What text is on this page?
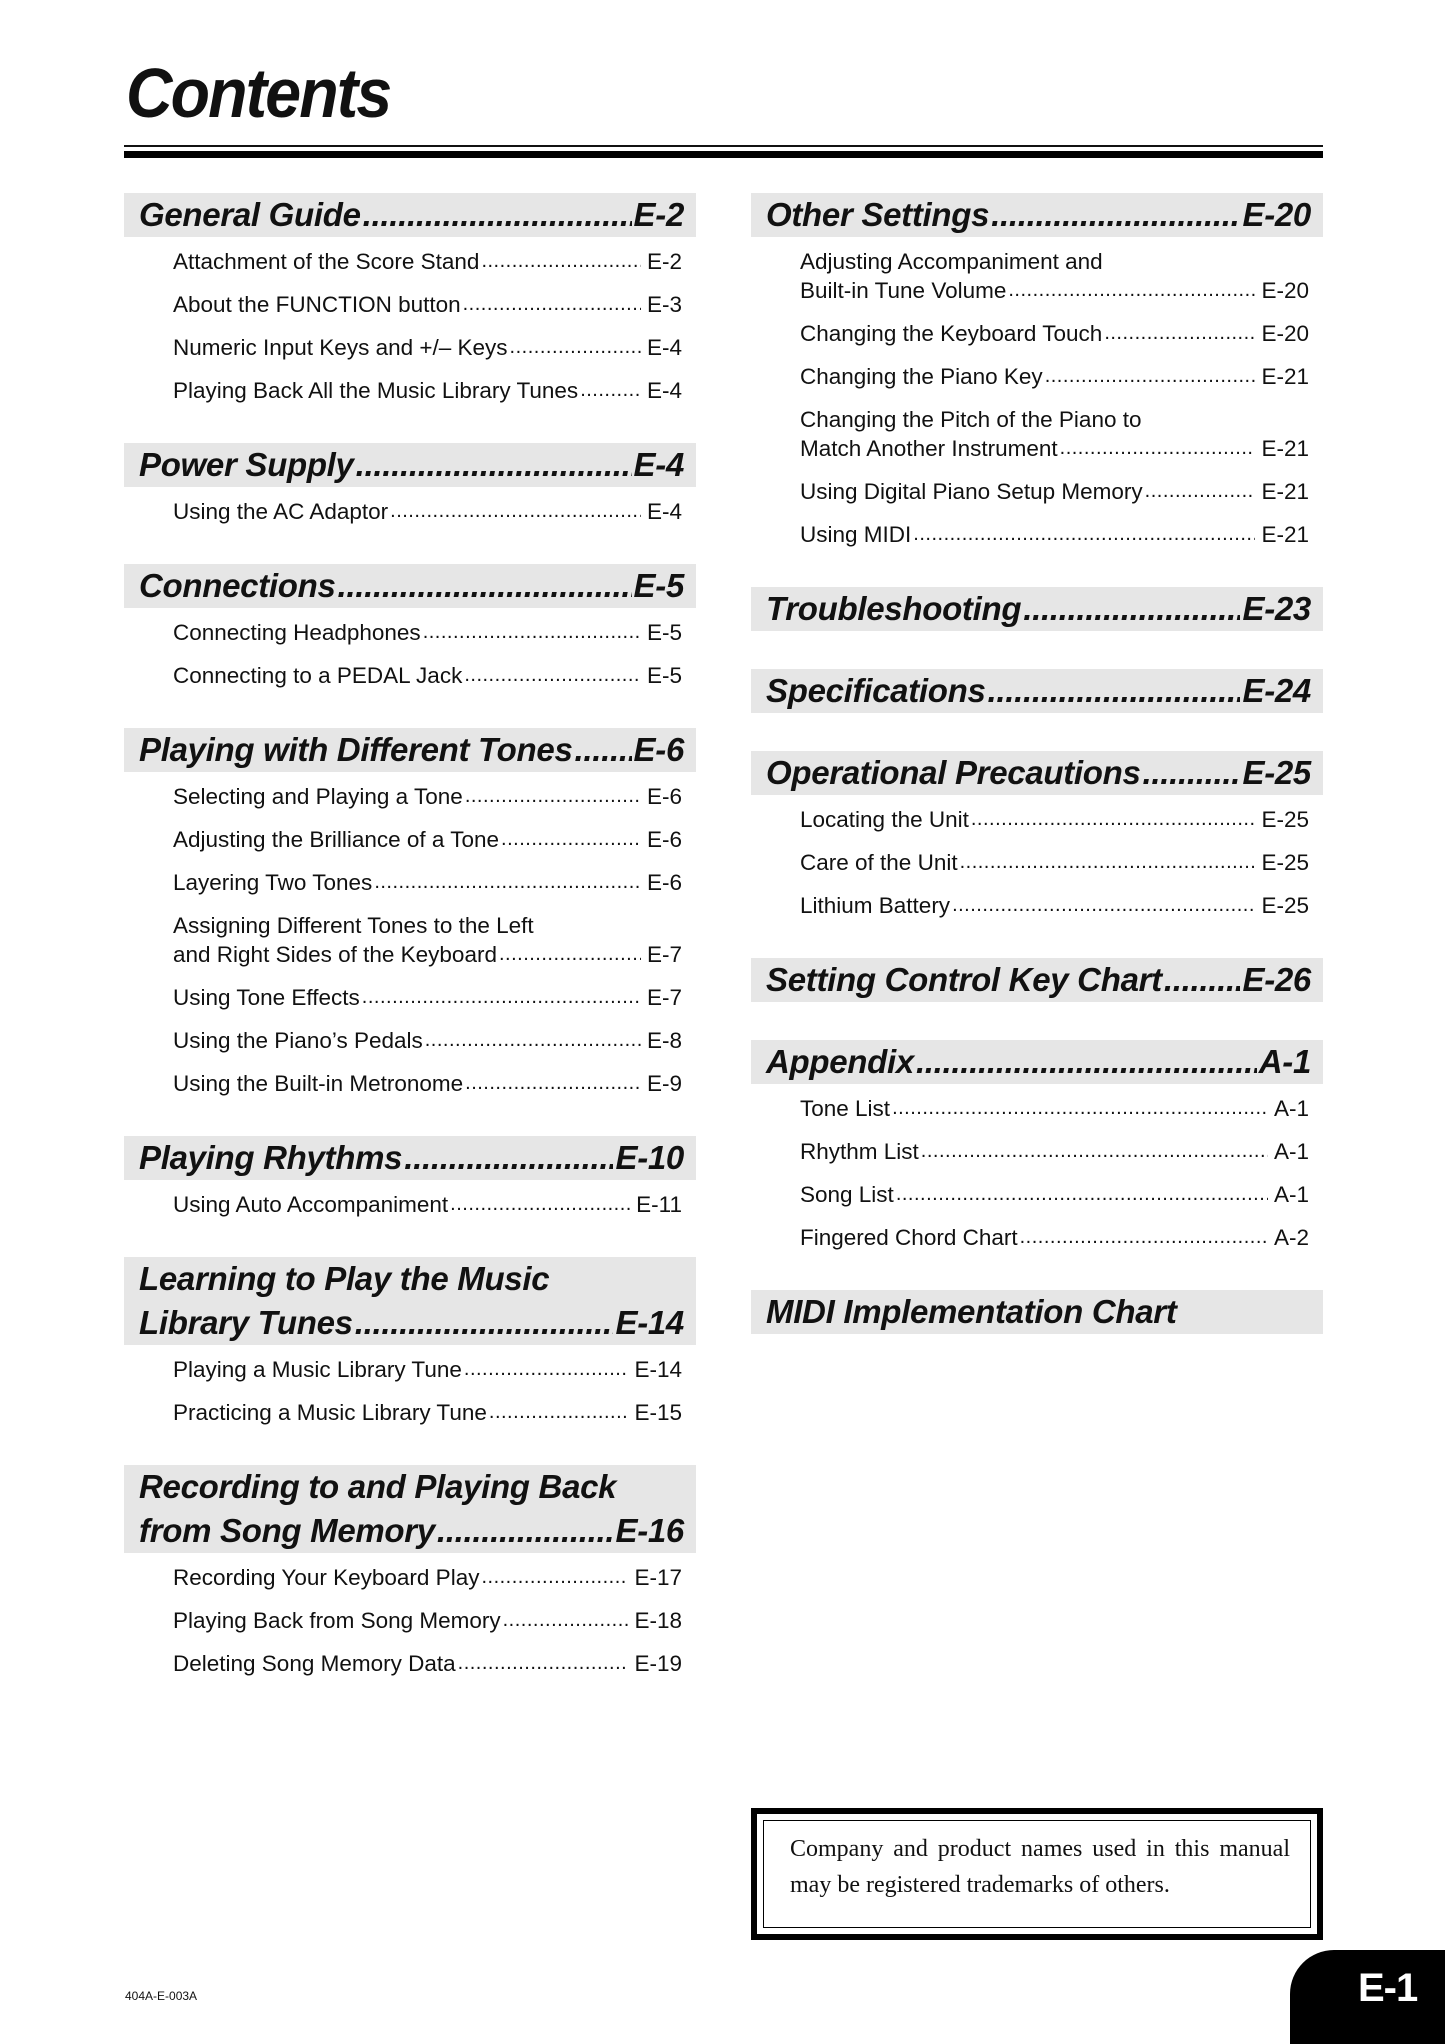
Contents
General Guide .....	E-2
Attachment of the Score Stand .....	E-2
About the FUNCTION button .....	E-3
Numeric Input Keys and +/– Keys .....	E-4
Playing Back All the Music Library Tunes .....	E-4
Power Supply .....	E-4
Using the AC Adaptor .....	E-4
Connections .....	E-5
Connecting Headphones .....	E-5
Connecting to a PEDAL Jack .....	E-5
Playing with Different Tones ..... E-6
Selecting and Playing a Tone .....	E-6
Adjusting the Brilliance of a Tone .....	E-6
Layering Two Tones .....	E-6
Assigning Different Tones to the Left
and Right Sides of the Keyboard .....	E-7
Using Tone Effects .....	E-7
Using the Piano’s Pedals .....	E-8
Using the Built-in Metronome .....	E-9
Playing Rhythms .....	E-10
Using Auto Accompaniment .....	E-11
Learning to Play the Music
Library Tunes .....	E-14
Playing a Music Library Tune .....	E-14
Practicing a Music Library Tune .....	E-15
Recording to and Playing Back
from Song Memory .....	E-16
Recording Your Keyboard Play .....	E-17
Playing Back from Song Memory .....	E-18
Deleting Song Memory Data .....	E-19
Other Settings .....	E-20
Adjusting Accompaniment and
Built-in Tune Volume .....	E-20
Changing the Keyboard Touch .....	E-20
Changing the Piano Key .....	E-21
Changing the Pitch of the Piano to
Match Another Instrument .....	E-21
Using Digital Piano Setup Memory .....	E-21
Using MIDI .....	E-21
Troubleshooting .....	E-23
Specifications .....	E-24
Operational Precautions .....	E-25
Locating the Unit .....	E-25
Care of the Unit .....	E-25
Lithium Battery .....	E-25
Setting Control Key Chart ..... E-26
Appendix .....	A-1
Tone List .....	A-1
Rhythm List .....	A-1
Song List .....	A-1
Fingered Chord Chart .....	A-2
MIDI Implementation Chart
Company and product names used in this manual may be registered trademarks of others.
404A-E-003A	E-1
